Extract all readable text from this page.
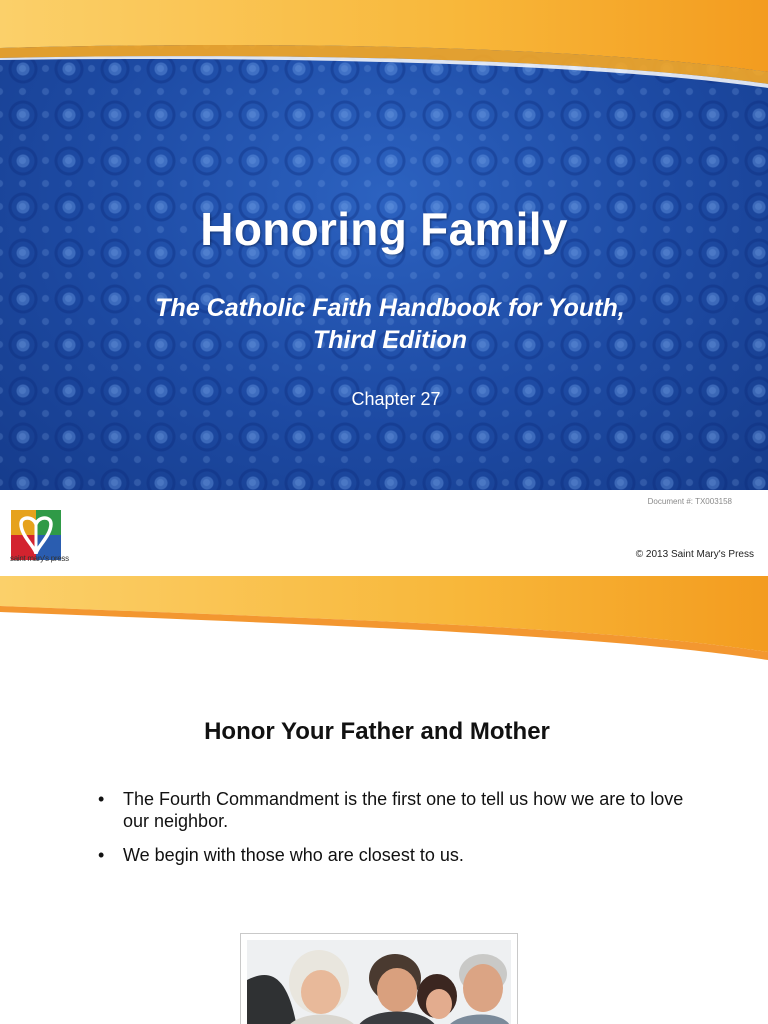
Honoring Family
The Catholic Faith Handbook for Youth,
Third Edition
Chapter 27
saint mary's press
Document #: TX003158
© 2013 Saint Mary's Press
Honor Your Father and Mother
• The Fourth Commandment is the first one to tell us how we are to love our neighbor.
• We begin with those who are closest to us.
